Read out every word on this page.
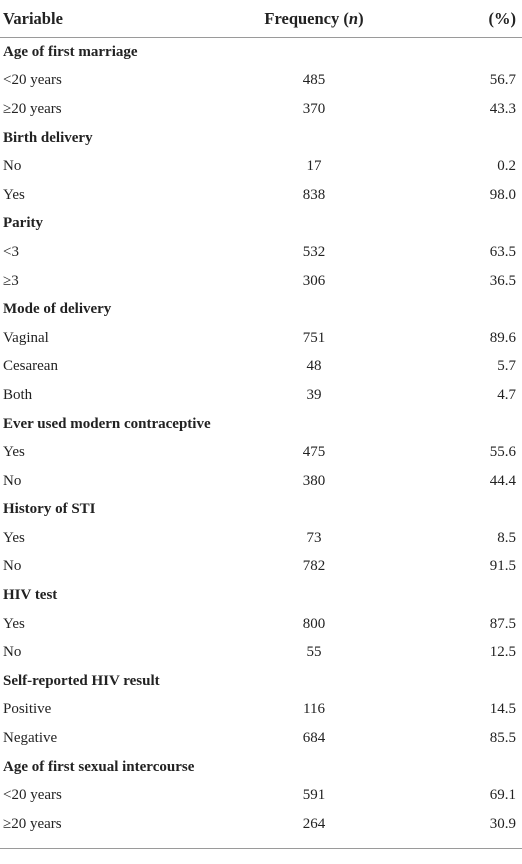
Variable	Frequency (n)	(%)
Age of first marriage
<20 years	485	56.7
≥20 years	370	43.3
Birth delivery
No	17	0.2
Yes	838	98.0
Parity
<3	532	63.5
≥3	306	36.5
Mode of delivery
Vaginal	751	89.6
Cesarean	48	5.7
Both	39	4.7
Ever used modern contraceptive
Yes	475	55.6
No	380	44.4
History of STI
Yes	73	8.5
No	782	91.5
HIV test
Yes	800	87.5
No	55	12.5
Self-reported HIV result
Positive	116	14.5
Negative	684	85.5
Age of first sexual intercourse
<20 years	591	69.1
≥20 years	264	30.9
